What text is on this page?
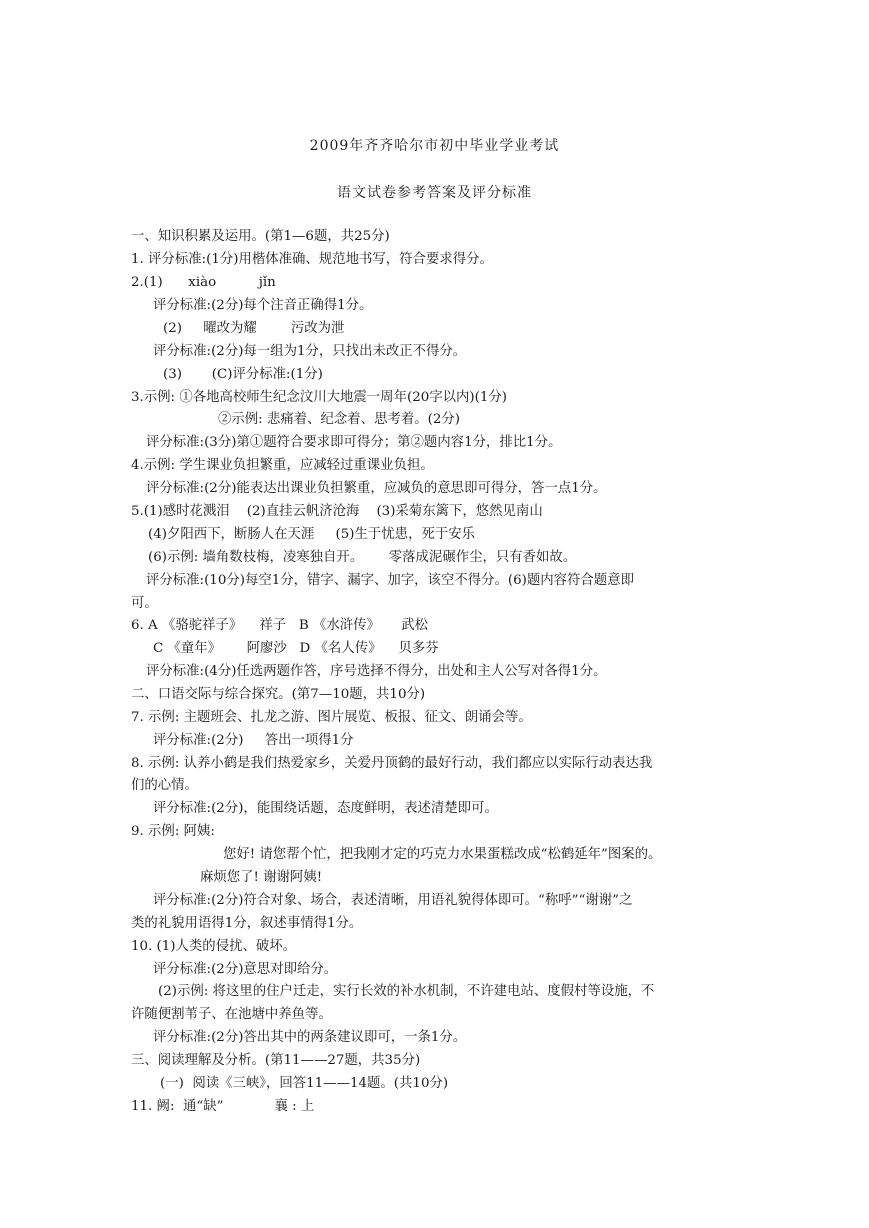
2009年齐齐哈尔市初中毕业学业考试
语文试卷参考答案及评分标准
一、知识积累及运用。(第1—6题，共25分)
1. 评分标准:(1分)用楷体准确、规范地书写，符合要求得分。
2.(1)      xiào          jǐn
评分标准:(2分)每个注音正确得1分。
(2)     曜改为耀        污改为泄
评分标准:(2分)每一组为1分，只找出未改正不得分。
(3)       (C)评分标准:(1分)
3.示例: ①各地高校师生纪念汶川大地震一周年(20字以内)(1分)
②示例: 悲痛着、纪念着、思考着。(2分)
评分标准:(3分)第①题符合要求即可得分；第②题内容1分，排比1分。
4.示例: 学生课业负担繁重，应减轻过重课业负担。
评分标准:(2分)能表达出课业负担繁重，应减负的意思即可得分，答一点1分。
5.(1)感时花溅泪    (2)直挂云帆济沧海    (3)采菊东篱下，悠然见南山
(4)夕阳西下，断肠人在天涯     (5)生于忧患，死于安乐
(6)示例: 墙角数枝梅，凌寒独自开。      零落成泥碾作尘，只有香如故。
评分标准:(10分)每空1分，错字、漏字、加字，该空不得分。(6)题内容符合题意即
可。
6. A 《骆驼祥子》    祥子   B 《水浒传》     武松
C 《童年》      阿廖沙   D 《名人传》    贝多芬
评分标准:(4分)任选两题作答，序号选择不得分，出处和主人公写对各得1分。
二、口语交际与综合探究。(第7—10题，共10分)
7. 示例: 主题班会、扎龙之游、图片展览、板报、征文、朗诵会等。
评分标准:(2分)     答出一项得1分
8. 示例: 认养小鹤是我们热爱家乡，关爱丹顶鹤的最好行动，我们都应以实际行动表达我
们的心情。
评分标准:(2分)，能围绕话题，态度鲜明，表述清楚即可。
9. 示例: 阿姨:
您好! 请您帮个忙，把我刚才定的巧克力水果蛋糕改成“松鹤延年”图案的。
麻烦您了! 谢谢阿姨!
评分标准:(2分)符合对象、场合，表述清晰，用语礼貌得体即可。“称呼”“谢谢”之
类的礼貌用语得1分，叙述事情得1分。
10. (1)人类的侵扰、破坏。
评分标准:(2分)意思对即给分。
(2)示例: 将这里的住户迁走，实行长效的补水机制，不许建电站、度假村等设施，不
许随便割苇子、在池塘中养鱼等。
评分标准:(2分)答出其中的两条建议即可，一条1分。
三、阅读理解及分析。(第11——27题，共35分)
(一)  阅读《三峡》，回答11——14题。(共10分)
11. 阙:  通“缺”            襄 : 上
